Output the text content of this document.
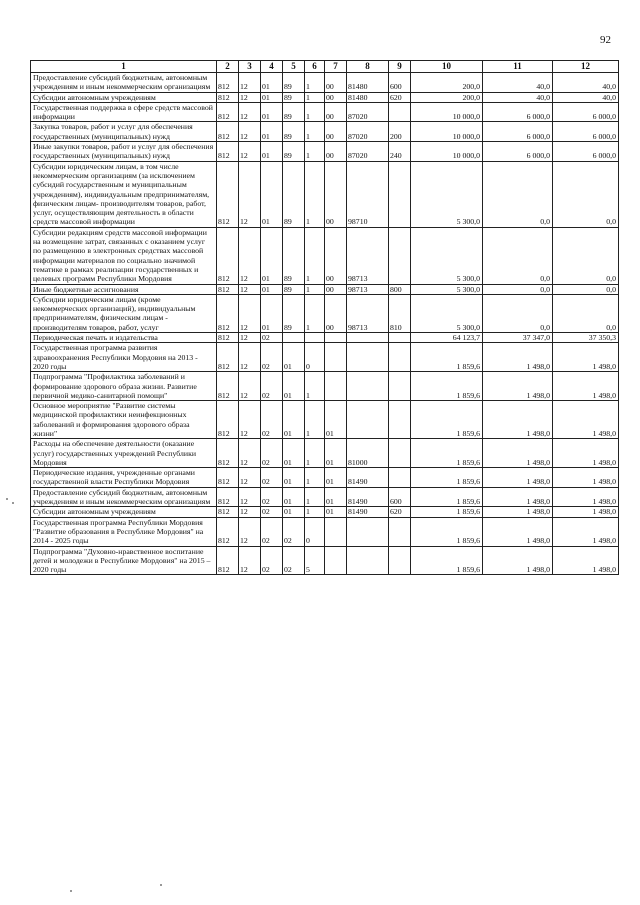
92
1	2	3	4	5	6	7	8	9	10	11	12
Предоставление субсидий бюджетным, автономным учреждениям и иным некоммерческим организациям	812	12	01	89	1	00	81480	600	200,0	40,0	40,0
Субсидии автономным учреждениям	812	12	01	89	1	00	81480	620	200,0	40,0	40,0
Государственная поддержка в сфере средств массовой информации	812	12	01	89	1	00	87020		10 000,0	6 000,0	6 000,0
Закупка товаров, работ и услуг для обеспечения государственных (муниципальных) нужд	812	12	01	89	1	00	87020	200	10 000,0	6 000,0	6 000,0
Иные закупки товаров, работ и услуг для обеспечения государственных (муниципальных) нужд	812	12	01	89	1	00	87020	240	10 000,0	6 000,0	6 000,0
Субсидии юридическим лицам, в том числе некоммерческим организациям (за исключением субсидий государственным и муниципальным учреждениям), индивидуальным предпринимателям, физическим лицам- производителям товаров, работ, услуг, осуществляющим деятельность в области средств массовой информации	812	12	01	89	1	00	98710		5 300,0	0,0	0,0
Субсидии редакциям средств массовой информации на возмещение затрат, связанных с оказанием услуг по размещению в электронных средствах массовой информации материалов по социально значимой тематике в рамках реализации государственных и целевых программ Республики Мордовия	812	12	01	89	1	00	98713		5 300,0	0,0	0,0
Иные бюджетные ассигнования	812	12	01	89	1	00	98713	800	5 300,0	0,0	0,0
Субсидии юридическим лицам (кроме некоммерческих организаций), индивидуальным предпринимателям, физическим лицам - производителям товаров, работ, услуг	812	12	01	89	1	00	98713	810	5 300,0	0,0	0,0
Периодическая печать и издательства	812	12	02						64 123,7	37 347,0	37 350,3
Государственная программа развития здравоохранения Республики Мордовия на 2013 - 2020 годы	812	12	02	01	0				1 859,6	1 498,0	1 498,0
Подпрограмма "Профилактика заболеваний и формирование здорового образа жизни. Развитие первичной медико-санитарной помощи"	812	12	02	01	1				1 859,6	1 498,0	1 498,0
Основное мероприятие "Развитие системы медицинской профилактики неинфекционных заболеваний и формирования здорового образа жизни"	812	12	02	01	1	01			1 859,6	1 498,0	1 498,0
Расходы на обеспечение деятельности (оказание услуг) государственных учреждений Республики Мордовия	812	12	02	01	1	01	81000		1 859,6	1 498,0	1 498,0
Периодические издания, учрежденные органами государственной власти Республики Мордовия	812	12	02	01	1	01	81490		1 859,6	1 498,0	1 498,0
Предоставление субсидий бюджетным, автономным учреждениям и иным некоммерческим организациям	812	12	02	01	1	01	81490	600	1 859,6	1 498,0	1 498,0
Субсидии автономным учреждениям	812	12	02	01	1	01	81490	620	1 859,6	1 498,0	1 498,0
Государственная программа Республики Мордовия "Развитие образования в Республике Мордовия" на 2014 - 2025 годы	812	12	02	02	0				1 859,6	1 498,0	1 498,0
Подпрограмма "Духовно-нравственное воспитание детей и молодежи в Республике Мордовия" на 2015 – 2020 годы	812	12	02	02	5				1 859,6	1 498,0	1 498,0
